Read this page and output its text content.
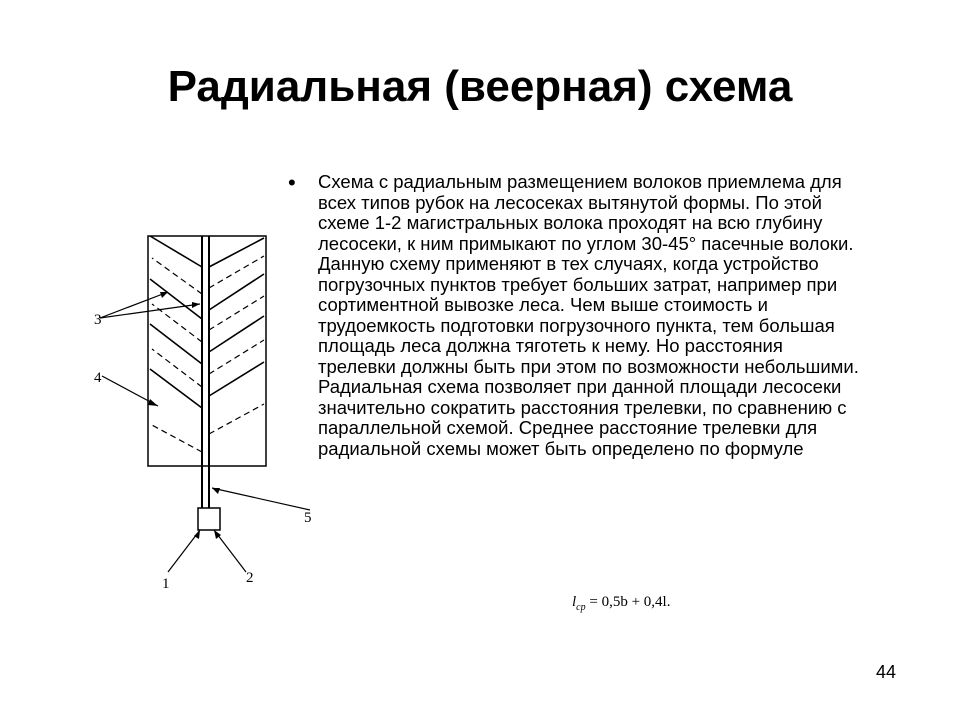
Радиальная (веерная) схема
3
4
5
1	2
• Схема с радиальным размещением волоков приемлема для всех типов рубок на лесосеках вытянутой формы. По этой схеме 1-2 магистральных волока проходят на всю глубину лесосеки, к ним примыкают по углом 30-45° пасечные волоки. Данную схему применяют в тех случаях, когда устройство погрузочных пунктов требует больших затрат, например при сортиментной вывозке леса. Чем выше стоимость и трудоемкость подготовки погрузочного пункта, тем большая площадь леса должна тяготеть к нему. Но расстояния трелевки должны быть при этом по возможности небольшими. Радиальная схема позволяет при данной площади лесосеки значительно сократить расстояния трелевки, по сравнению с параллельной схемой. Среднее расстояние трелевки для радиальной схемы может быть определено по формуле
$l_{ср} = 0,5b + 0,4l$.
44
